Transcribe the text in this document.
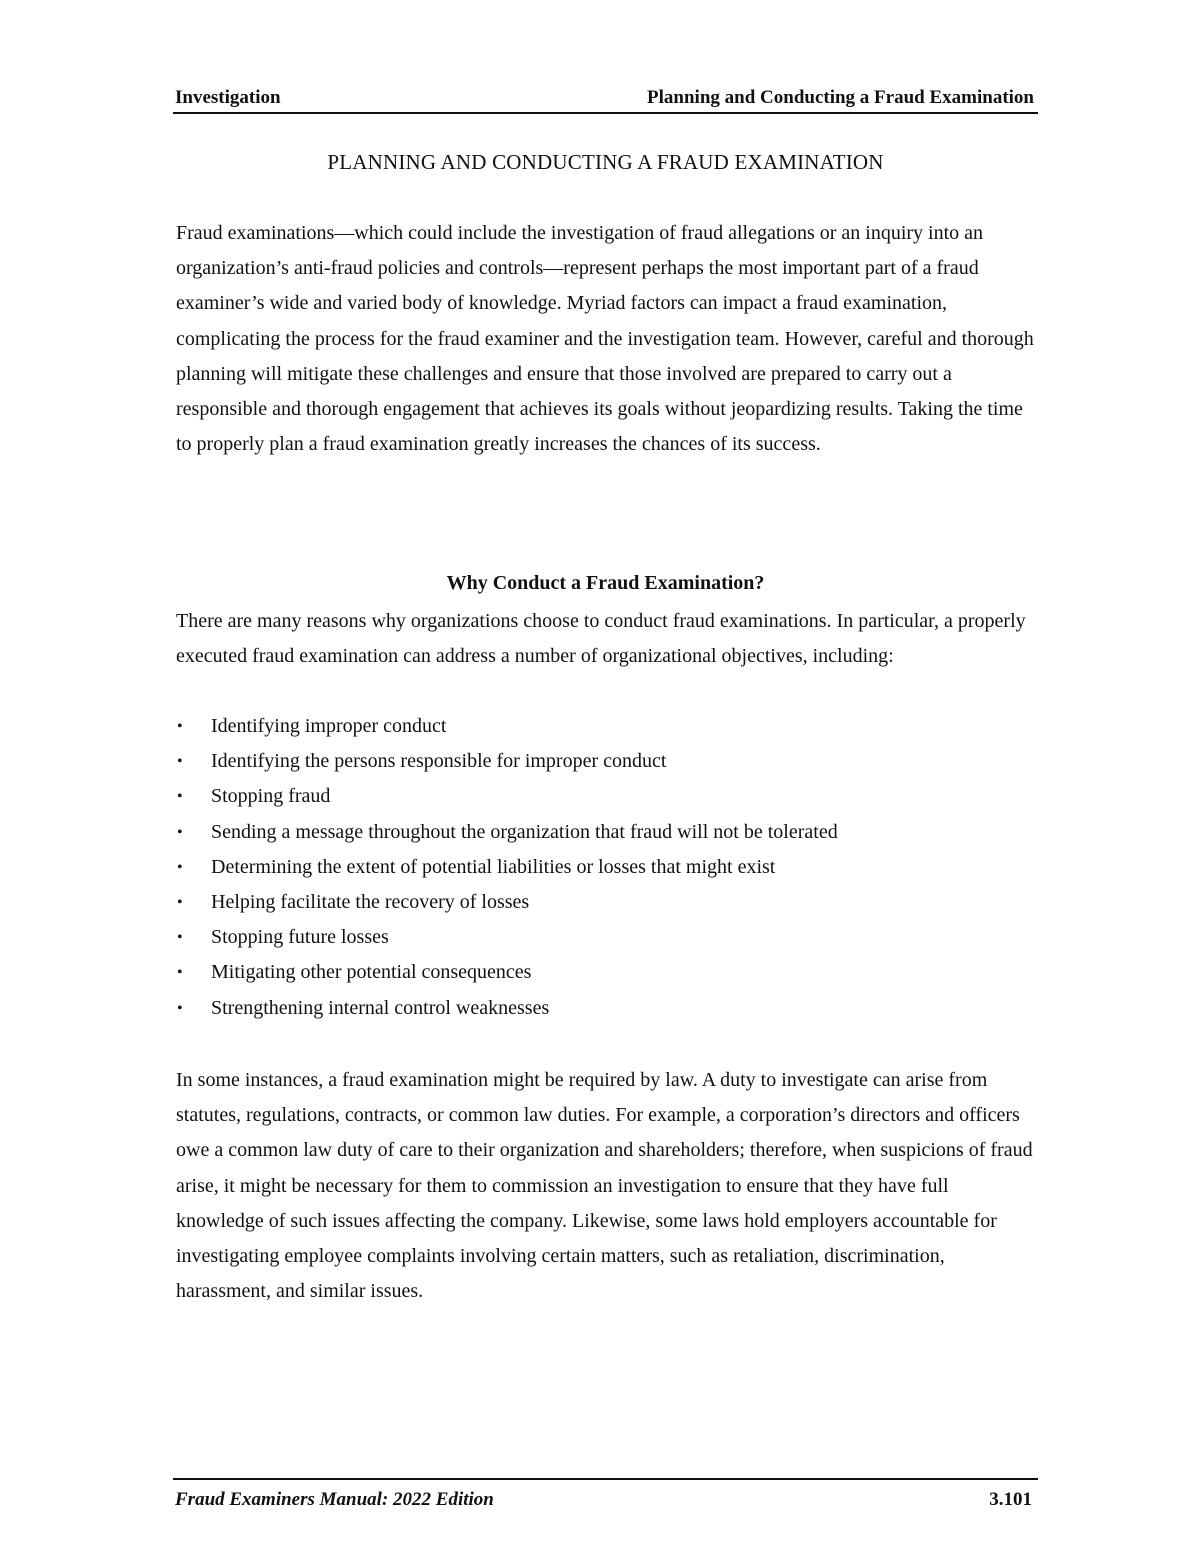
Investigation	Planning and Conducting a Fraud Examination
PLANNING AND CONDUCTING A FRAUD EXAMINATION

Fraud examinations—which could include the investigation of fraud allegations or an inquiry into an organization’s anti-fraud policies and controls—represent perhaps the most important part of a fraud examiner’s wide and varied body of knowledge. Myriad factors can impact a fraud examination, complicating the process for the fraud examiner and the investigation team. However, careful and thorough planning will mitigate these challenges and ensure that those involved are prepared to carry out a responsible and thorough engagement that achieves its goals without jeopardizing results. Taking the time to properly plan a fraud examination greatly increases the chances of its success.

Why Conduct a Fraud Examination?

There are many reasons why organizations choose to conduct fraud examinations. In particular, a properly executed fraud examination can address a number of organizational objectives, including:

• Identifying improper conduct
• Identifying the persons responsible for improper conduct
• Stopping fraud
• Sending a message throughout the organization that fraud will not be tolerated
• Determining the extent of potential liabilities or losses that might exist
• Helping facilitate the recovery of losses
• Stopping future losses
• Mitigating other potential consequences
• Strengthening internal control weaknesses

In some instances, a fraud examination might be required by law. A duty to investigate can arise from statutes, regulations, contracts, or common law duties. For example, a corporation’s directors and officers owe a common law duty of care to their organization and shareholders; therefore, when suspicions of fraud arise, it might be necessary for them to commission an investigation to ensure that they have full knowledge of such issues affecting the company. Likewise, some laws hold employers accountable for investigating employee complaints involving certain matters, such as retaliation, discrimination, harassment, and similar issues.

Fraud Examiners Manual: 2022 Edition	3.101
